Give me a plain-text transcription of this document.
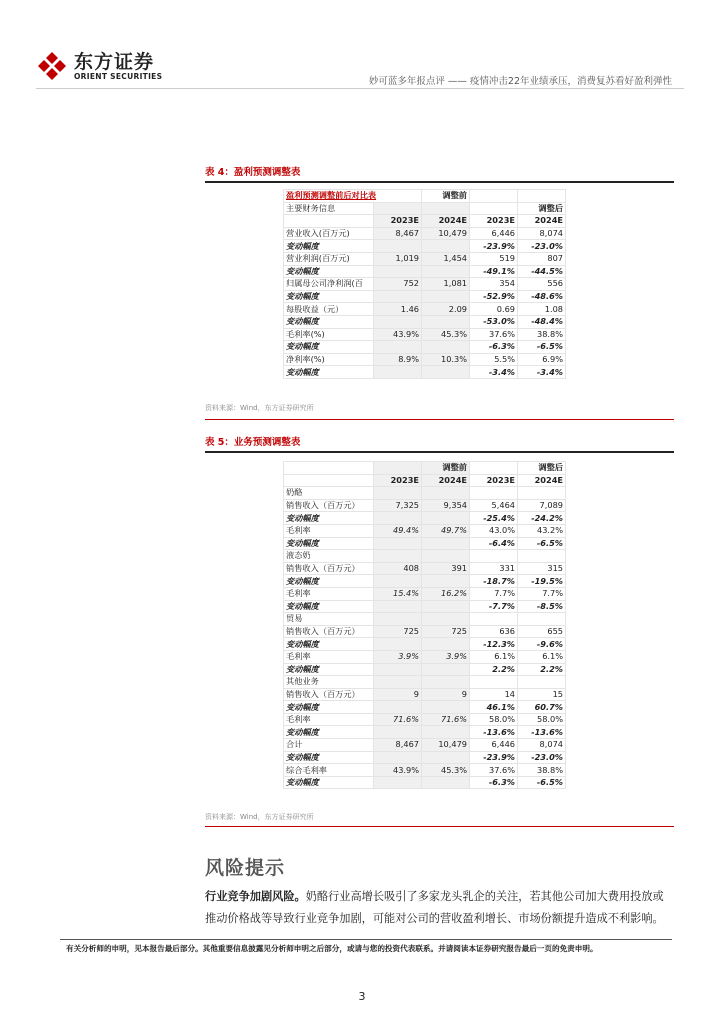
东方证券
ORIENT SECURITIES	妙可蓝多年报点评 —— 疫情冲击22年业绩承压，消费复苏看好盈利弹性
表 4：盈利预测调整表
盈利预测调整前后对比表		调整前		
主要财务信息				调整后
	2023E	2024E	2023E	2024E
营业收入(百万元)	8,467	10,479	6,446	8,074
变动幅度			-23.9%	-23.0%
营业利润(百万元)	1,019	1,454	519	807
变动幅度			-49.1%	-44.5%
归属母公司净利润(百	752	1,081	354	556
变动幅度			-52.9%	-48.6%
每股收益（元）	1.46	2.09	0.69	1.08
变动幅度			-53.0%	-48.4%
毛利率(%)	43.9%	45.3%	37.6%	38.8%
变动幅度			-6.3%	-6.5%
净利率(%)	8.9%	10.3%	5.5%	6.9%
变动幅度			-3.4%	-3.4%
资料来源：Wind，东方证券研究所
表 5：业务预测调整表
		调整前		调整后
	2023E	2024E	2023E	2024E
奶酪				
销售收入（百万元）	7,325	9,354	5,464	7,089
变动幅度			-25.4%	-24.2%
毛利率	49.4%	49.7%	43.0%	43.2%
变动幅度			-6.4%	-6.5%
液态奶				
销售收入（百万元）	408	391	331	315
变动幅度			-18.7%	-19.5%
毛利率	15.4%	16.2%	7.7%	7.7%
变动幅度			-7.7%	-8.5%
贸易				
销售收入（百万元）	725	725	636	655
变动幅度			-12.3%	-9.6%
毛利率	3.9%	3.9%	6.1%	6.1%
变动幅度			2.2%	2.2%
其他业务				
销售收入（百万元）	9	9	14	15
变动幅度			46.1%	60.7%
毛利率	71.6%	71.6%	58.0%	58.0%
变动幅度			-13.6%	-13.6%
合计	8,467	10,479	6,446	8,074
变动幅度			-23.9%	-23.0%
综合毛利率	43.9%	45.3%	37.6%	38.8%
变动幅度			-6.3%	-6.5%
资料来源：Wind，东方证券研究所
风险提示
行业竞争加剧风险。奶酪行业高增长吸引了多家龙头乳企的关注，若其他公司加大费用投放或推动价格战等导致行业竞争加剧，可能对公司的营收盈利增长、市场份额提升造成不利影响。
有关分析师的申明，见本报告最后部分。其他重要信息披露见分析师申明之后部分，或请与您的投资代表联系。并请阅读本证券研究报告最后一页的免责申明。
3
